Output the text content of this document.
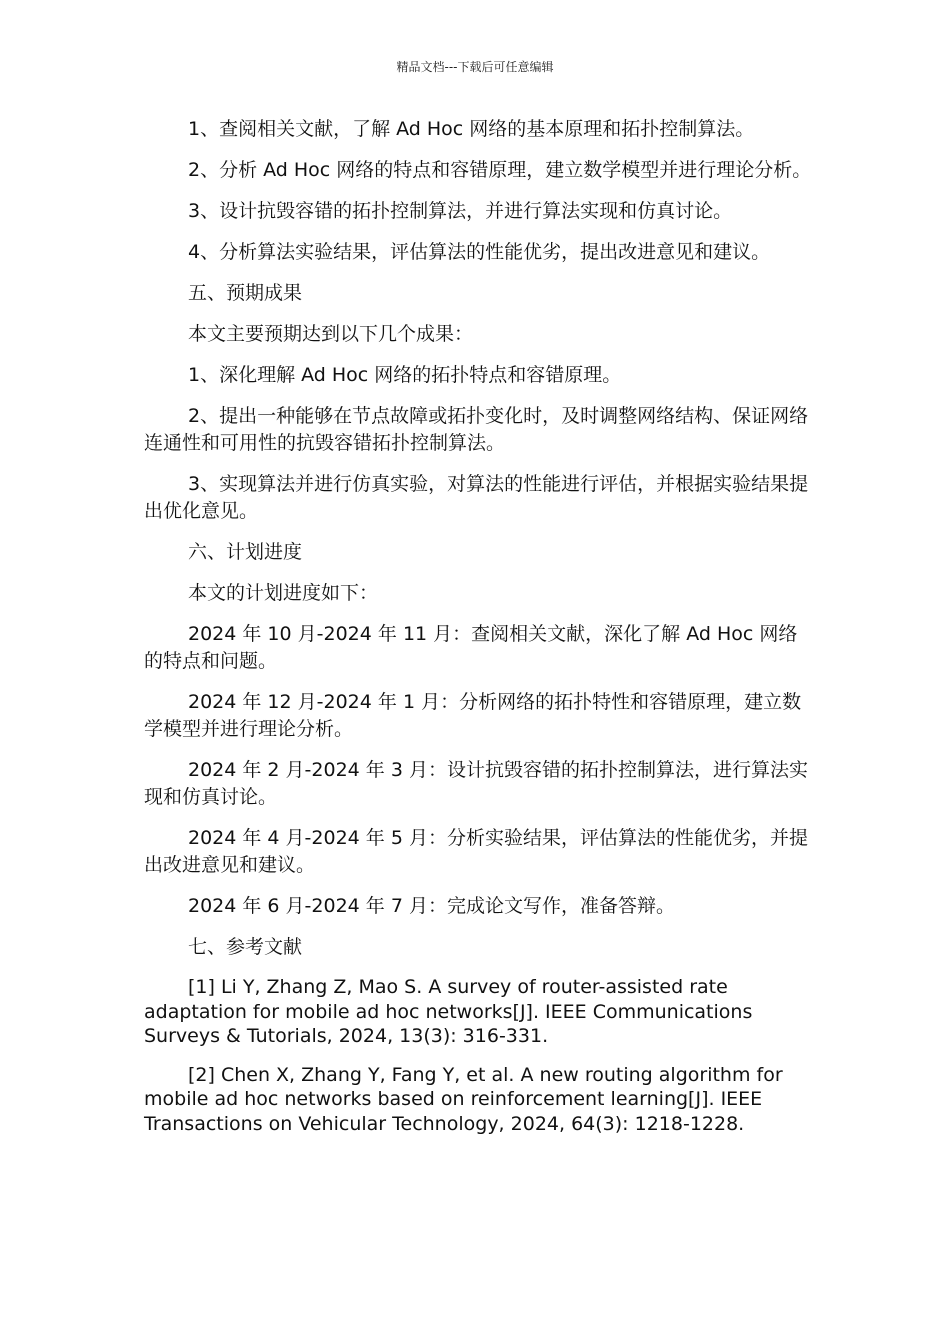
精品文档---下载后可任意编辑

1、查阅相关文献，了解 Ad Hoc 网络的基本原理和拓扑控制算法。

2、分析 Ad Hoc 网络的特点和容错原理，建立数学模型并进行理论分析。

3、设计抗毁容错的拓扑控制算法，并进行算法实现和仿真讨论。

4、分析算法实验结果，评估算法的性能优劣，提出改进意见和建议。

五、预期成果

本文主要预期达到以下几个成果：

1、深化理解 Ad Hoc 网络的拓扑特点和容错原理。

2、提出一种能够在节点故障或拓扑变化时，及时调整网络结构、保证网络连通性和可用性的抗毁容错拓扑控制算法。

3、实现算法并进行仿真实验，对算法的性能进行评估，并根据实验结果提出优化意见。

六、计划进度

本文的计划进度如下：

2024 年 10 月-2024 年 11 月：查阅相关文献，深化了解 Ad Hoc 网络的特点和问题。

2024 年 12 月-2024 年 1 月：分析网络的拓扑特性和容错原理，建立数学模型并进行理论分析。

2024 年 2 月-2024 年 3 月：设计抗毁容错的拓扑控制算法，进行算法实现和仿真讨论。

2024 年 4 月-2024 年 5 月：分析实验结果，评估算法的性能优劣，并提出改进意见和建议。

2024 年 6 月-2024 年 7 月：完成论文写作，准备答辩。

七、参考文献

[1] Li Y, Zhang Z, Mao S. A survey of router-assisted rate adaptation for mobile ad hoc networks[J]. IEEE Communications Surveys & Tutorials, 2024, 13(3): 316-331.

[2] Chen X, Zhang Y, Fang Y, et al. A new routing algorithm for mobile ad hoc networks based on reinforcement learning[J]. IEEE Transactions on Vehicular Technology, 2024, 64(3): 1218-1228.
